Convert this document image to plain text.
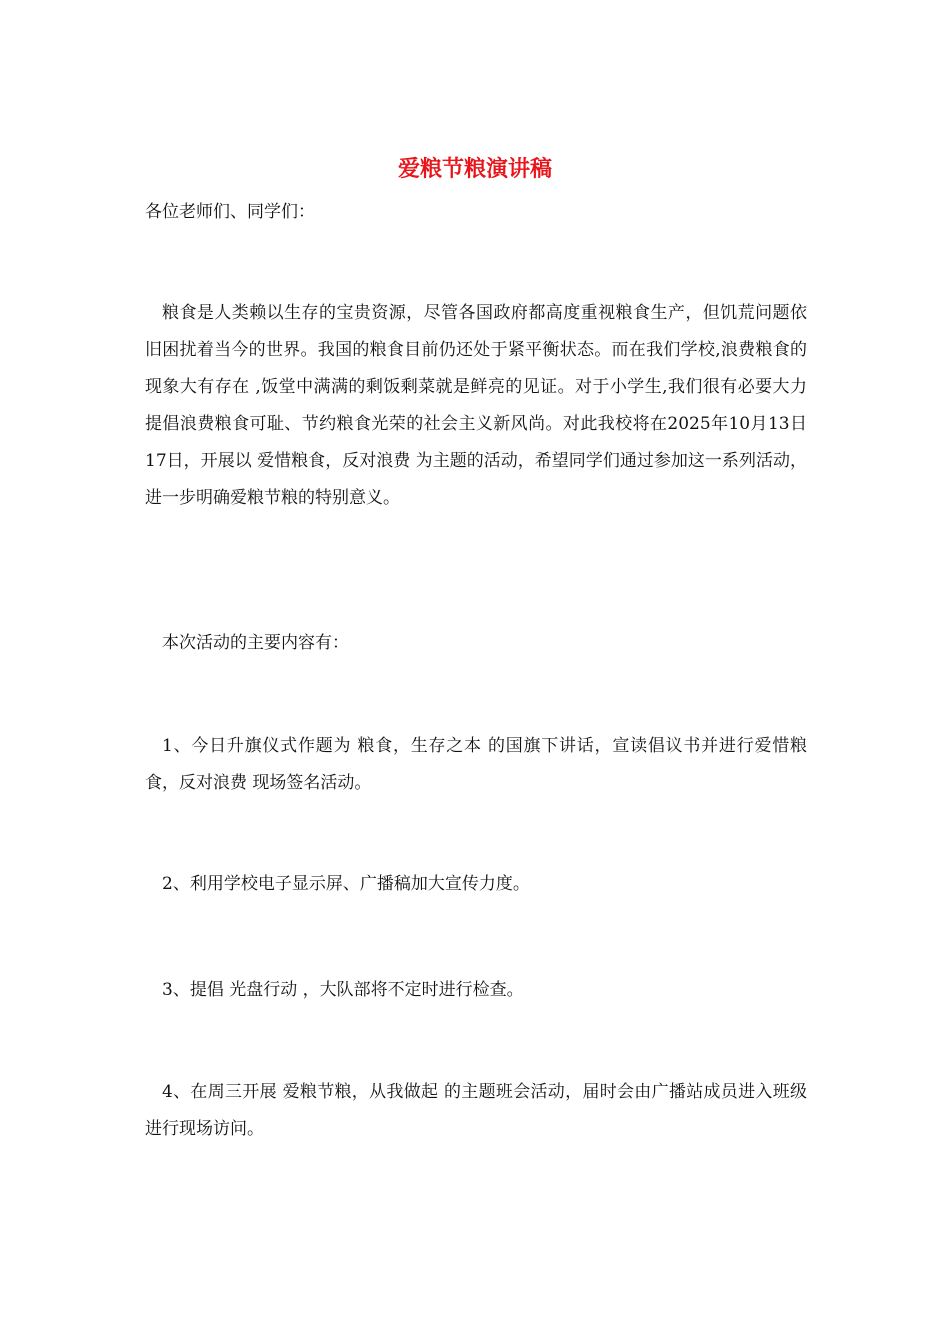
爱粮节粮演讲稿
各位老师们、同学们：
粮食是人类赖以生存的宝贵资源，尽管各国政府都高度重视粮食生产，但饥荒问题依旧困扰着当今的世界。我国的粮食目前仍还处于紧平衡状态。而在我们学校,浪费粮食的现象大有存在 ,饭堂中满满的剩饭剩菜就是鲜亮的见证。对于小学生,我们很有必要大力提倡浪费粮食可耻、节约粮食光荣的社会主义新风尚。对此我校将在2025年10月13日 17日，开展以 爱惜粮食，反对浪费 为主题的活动，希望同学们通过参加这一系列活动，进一步明确爱粮节粮的特别意义。
本次活动的主要内容有：
1、今日升旗仪式作题为 粮食，生存之本 的国旗下讲话，宣读倡议书并进行爱惜粮食，反对浪费 现场签名活动。
2、利用学校电子显示屏、广播稿加大宣传力度。
3、提倡 光盘行动 ，大队部将不定时进行检查。
4、在周三开展 爱粮节粮，从我做起 的主题班会活动，届时会由广播站成员进入班级进行现场访问。
